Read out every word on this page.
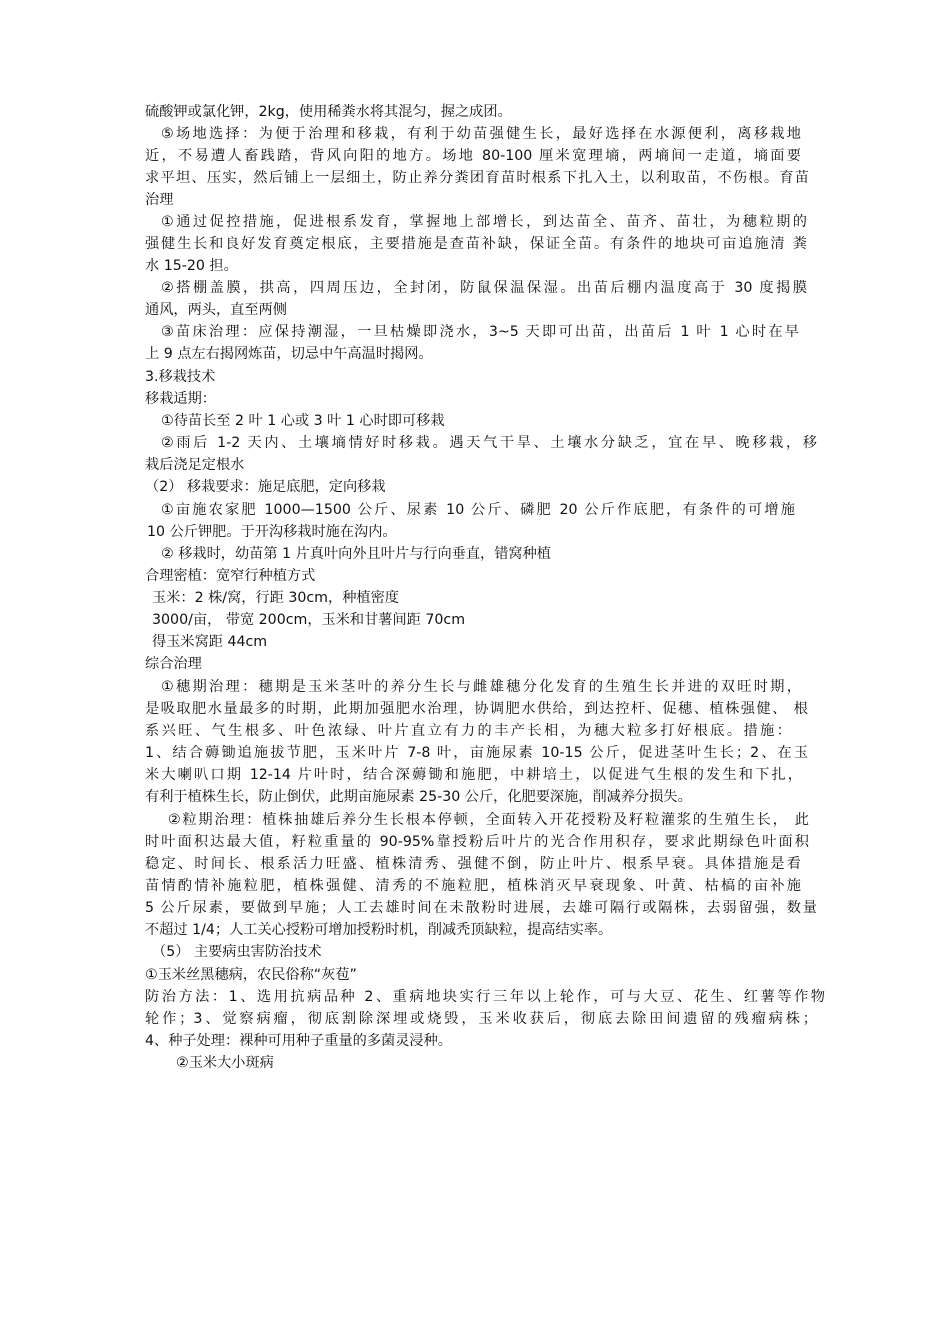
硫酸钾或氯化钾，2kg，使用稀粪水将其混匀，握之成团。
⑤场地选择：为便于治理和移栽，有利于幼苗强健生长，最好选择在水源便利，离移栽地
近，不易遭人畜践踏，背风向阳的地方。场地 80-100 厘米宽理墒，两墒间一走道，墒面要
求平坦、压实，然后铺上一层细土，防止养分粪团育苗时根系下扎入土，以利取苗，不伤根。育苗
治理
①通过促控措施，促进根系发育，掌握地上部增长，到达苗全、苗齐、苗壮，为穗粒期的
强健生长和良好发育奠定根底，主要措施是查苗补缺，保证全苗。有条件的地块可亩追施清 粪
水 15-20 担。
②搭棚盖膜，拱高，四周压边，全封闭，防鼠保温保湿。出苗后棚内温度高于 30 度揭膜
通风，两头，直至两侧
③苗床治理：应保持潮湿，一旦枯燥即浇水，3~5 天即可出苗，出苗后 1 叶 1 心时在早
上 9 点左右揭网炼苗，切忌中午高温时揭网。
3.移栽技术
移栽适期：
①待苗长至 2 叶 1 心或 3 叶 1 心时即可移栽
②雨后 1-2 天内、土壤墒情好时移栽。遇天气干旱、土壤水分缺乏，宜在早、晚移栽，移
栽后浇足定根水
（2） 移栽要求：施足底肥，定向移栽
①亩施农家肥 1000—1500 公斤、尿素 10 公斤、磷肥 20 公斤作底肥，有条件的可增施
10 公斤钾肥。于开沟移栽时施在沟内。
② 移栽时，幼苗第 1 片真叶向外且叶片与行向垂直，错窝种植
合理密植：宽窄行种植方式
玉米：2 株/窝，行距 30cm，种植密度
3000/亩， 带宽 200cm，玉米和甘薯间距 70cm
得玉米窝距 44cm
综合治理
①穗期治理：穗期是玉米茎叶的养分生长与雌雄穗分化发育的生殖生长并进的双旺时期，
是吸取肥水量最多的时期，此期加强肥水治理，协调肥水供给，到达控杆、促穗、植株强健、 根
系兴旺、气生根多、叶色浓绿、叶片直立有力的丰产长相，为穗大粒多打好根底。措施：
1、结合薅锄追施拔节肥，玉米叶片 7-8 叶，亩施尿素 10-15 公斤，促进茎叶生长；2、在玉
米大喇叭口期 12-14 片叶时，结合深薅锄和施肥，中耕培土，以促进气生根的发生和下扎，
有利于植株生长，防止倒伏，此期亩施尿素 25-30 公斤，化肥要深施，削减养分损失。
②粒期治理：植株抽雄后养分生长根本停顿，全面转入开花授粉及籽粒灌浆的生殖生长， 此
时叶面积达最大值，籽粒重量的 90-95%靠授粉后叶片的光合作用积存，要求此期绿色叶面积
稳定、时间长、根系活力旺盛、植株清秀、强健不倒，防止叶片、根系早衰。具体措施是看
苗情酌情补施粒肥，植株强健、清秀的不施粒肥，植株消灭早衰现象、叶黄、枯槁的亩补施
5 公斤尿素，要做到早施；人工去雄时间在未散粉时进展，去雄可隔行或隔株，去弱留强，数量
不超过 1/4；人工关心授粉可增加授粉时机，削减秃顶缺粒，提高结实率。
（5） 主要病虫害防治技术
①玉米丝黑穗病，农民俗称“灰苞”
防治方法：1、选用抗病品种 2、重病地块实行三年以上轮作，可与大豆、花生、红薯等作物
轮作；3、觉察病瘤，彻底割除深埋或烧毁，玉米收获后，彻底去除田间遗留的残瘤病株；
4、种子处理：裸种可用种子重量的多菌灵浸种。
②玉米大小斑病
